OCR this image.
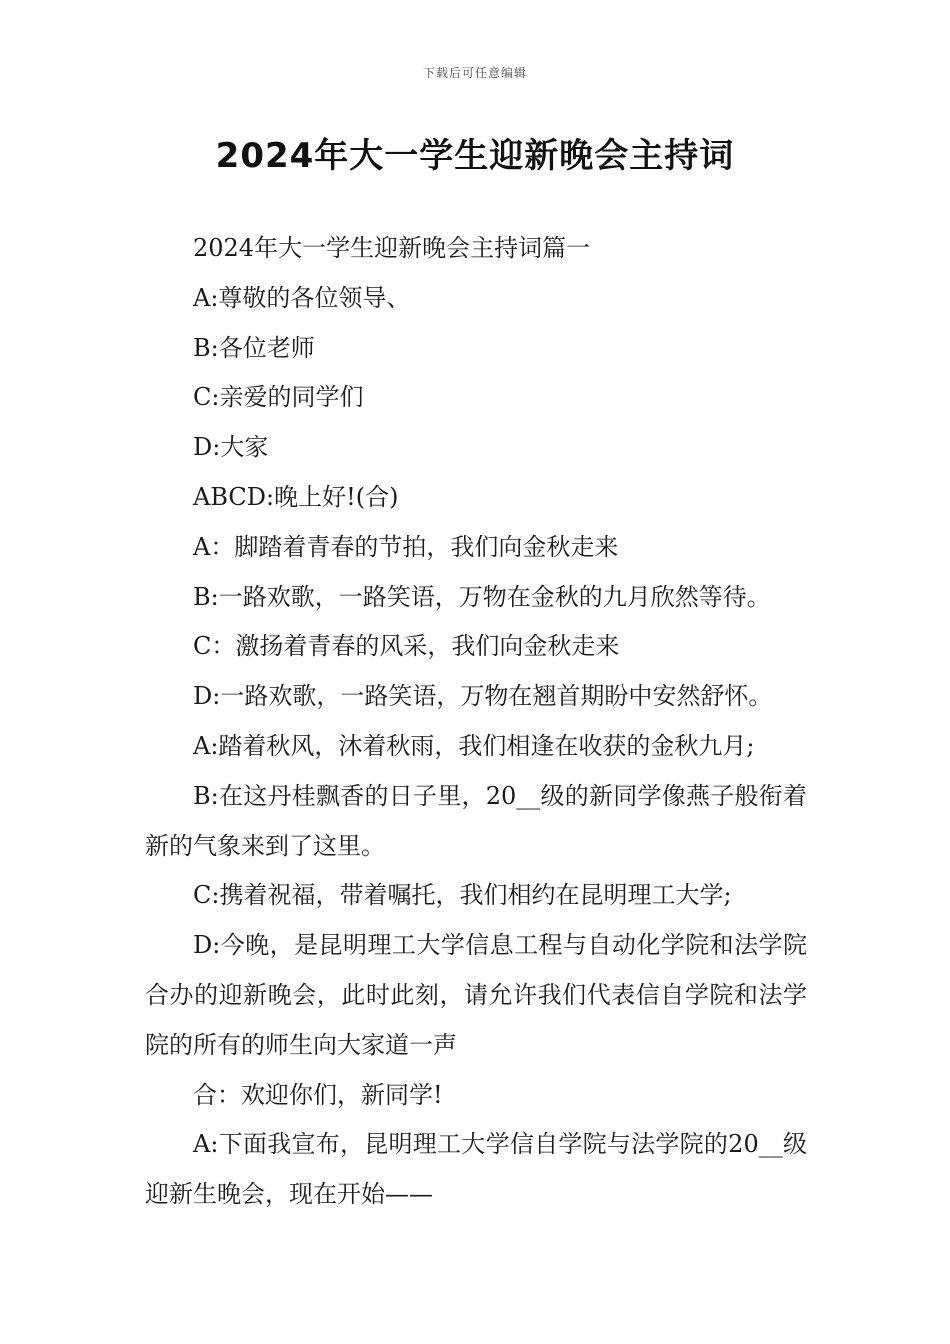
下载后可任意编辑
2024年大一学生迎新晚会主持词

2024年大一学生迎新晚会主持词篇一

A:尊敬的各位领导、

B:各位老师

C:亲爱的同学们

D:大家

ABCD:晚上好!(合)

A：脚踏着青春的节拍，我们向金秋走来

B:一路欢歌，一路笑语，万物在金秋的九月欣然等待。

C：激扬着青春的风采，我们向金秋走来

D:一路欢歌，一路笑语，万物在翘首期盼中安然舒怀。

A:踏着秋风，沐着秋雨，我们相逢在收获的金秋九月;

B:在这丹桂飘香的日子里，20__级的新同学像燕子般衔着新的气象来到了这里。

C:携着祝福，带着嘱托，我们相约在昆明理工大学;

D:今晚，是昆明理工大学信息工程与自动化学院和法学院合办的迎新晚会，此时此刻，请允许我们代表信自学院和法学院的所有的师生向大家道一声

合：欢迎你们，新同学!

A:下面我宣布，昆明理工大学信自学院与法学院的20__级迎新生晚会，现在开始——
